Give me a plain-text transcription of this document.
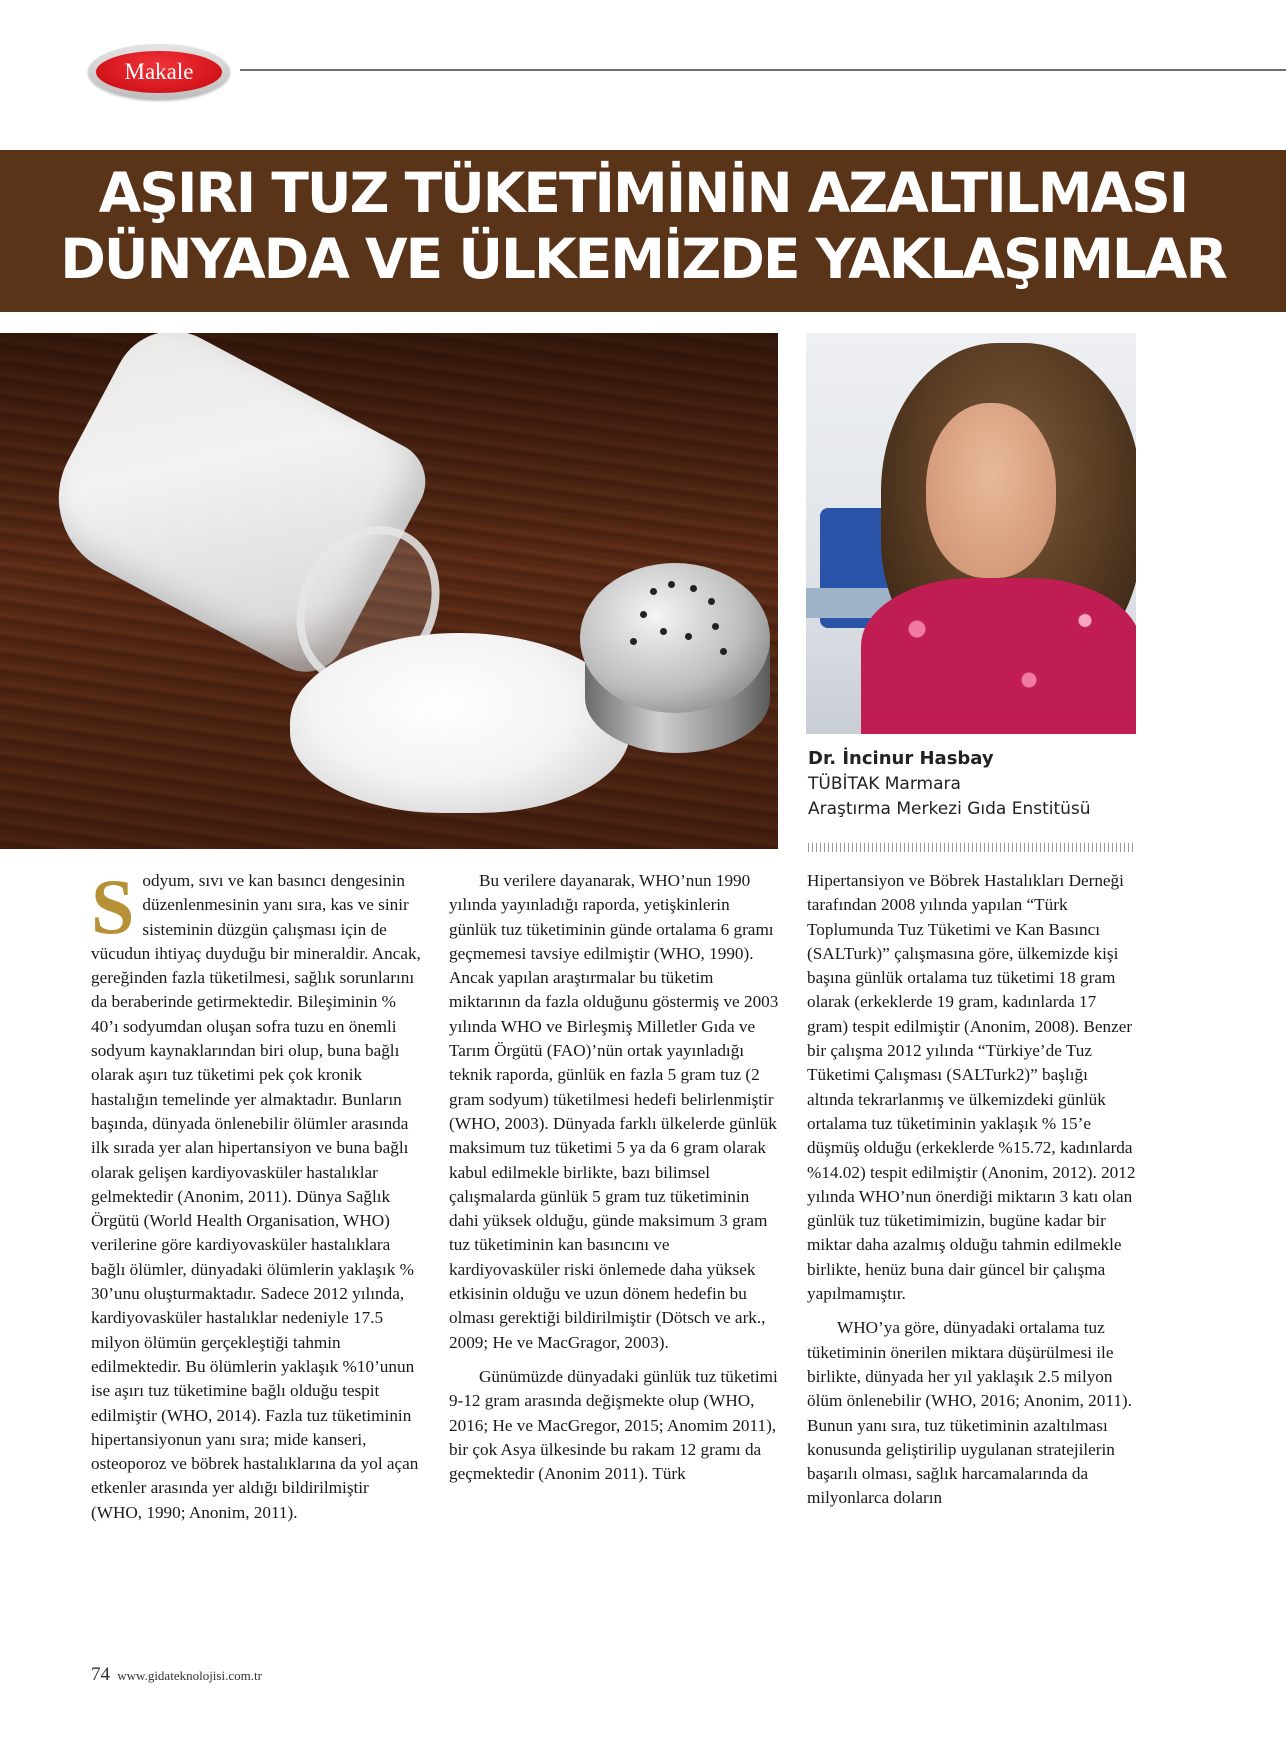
Makale
AŞIRI TUZ TÜKETİMİNİN AZALTILMASI
DÜNYADA VE ÜLKEMİZDE YAKLAŞIMLAR
Dr. İncinur Hasbay
TÜBİTAK Marmara
Araştırma Merkezi Gıda Enstitüsü

Sodyum, sıvı ve kan basıncı dengesinin düzenlenmesinin yanı sıra, kas ve sinir sisteminin düzgün çalışması için de vücudun ihtiyaç duyduğu bir mineraldir. Ancak, gereğinden fazla tüketilmesi, sağlık sorunlarını da beraberinde getirmektedir. Bileşiminin % 40’ı sodyumdan oluşan sofra tuzu en önemli sodyum kaynaklarından biri olup, buna bağlı olarak aşırı tuz tüketimi pek çok kronik hastalığın temelinde yer almaktadır. Bunların başında, dünyada önlenebilir ölümler arasında ilk sırada yer alan hipertansiyon ve buna bağlı olarak gelişen kardiyovasküler hastalıklar gelmektedir (Anonim, 2011). Dünya Sağlık Örgütü (World Health Organisation, WHO) verilerine göre kardiyovasküler hastalıklara bağlı ölümler, dünyadaki ölümlerin yaklaşık % 30’unu oluşturmaktadır. Sadece 2012 yılında, kardiyovasküler hastalıklar nedeniyle 17.5 milyon ölümün gerçekleştiği tahmin edilmektedir. Bu ölümlerin yaklaşık %10’unun ise aşırı tuz tüketimine bağlı olduğu tespit edilmiştir (WHO, 2014). Fazla tuz tüketiminin hipertansiyonun yanı sıra; mide kanseri, osteoporoz ve böbrek hastalıklarına da yol açan etkenler arasında yer aldığı bildirilmiştir (WHO, 1990; Anonim, 2011).

Bu verilere dayanarak, WHO’nun 1990 yılında yayınladığı raporda, yetişkinlerin günlük tuz tüketiminin günde ortalama 6 gramı geçmemesi tavsiye edilmiştir (WHO, 1990). Ancak yapılan araştırmalar bu tüketim miktarının da fazla olduğunu göstermiş ve 2003 yılında WHO ve Birleşmiş Milletler Gıda ve Tarım Örgütü (FAO)’nün ortak yayınladığı teknik raporda, günlük en fazla 5 gram tuz (2 gram sodyum) tüketilmesi hedefi belirlenmiştir (WHO, 2003). Dünyada farklı ülkelerde günlük maksimum tuz tüketimi 5 ya da 6 gram olarak kabul edilmekle birlikte, bazı bilimsel çalışmalarda günlük 5 gram tuz tüketiminin dahi yüksek olduğu, günde maksimum 3 gram tuz tüketiminin kan basıncını ve kardiyovasküler riski önlemede daha yüksek etkisinin olduğu ve uzun dönem hedefin bu olması gerektiği bildirilmiştir (Dötsch ve ark., 2009; He ve MacGragor, 2003).

Günümüzde dünyadaki günlük tuz tüketimi 9-12 gram arasında değişmekte olup (WHO, 2016; He ve MacGregor, 2015; Anomim 2011), bir çok Asya ülkesinde bu rakam 12 gramı da geçmektedir (Anonim 2011). Türk

Hipertansiyon ve Böbrek Hastalıkları Derneği tarafından 2008 yılında yapılan “Türk Toplumunda Tuz Tüketimi ve Kan Basıncı (SALTurk)” çalışmasına göre, ülkemizde kişi başına günlük ortalama tuz tüketimi 18 gram olarak (erkeklerde 19 gram, kadınlarda 17 gram) tespit edilmiştir (Anonim, 2008). Benzer bir çalışma 2012 yılında “Türkiye’de Tuz Tüketimi Çalışması (SALTurk2)” başlığı altında tekrarlanmış ve ülkemizdeki günlük ortalama tuz tüketiminin yaklaşık % 15’e düşmüş olduğu (erkeklerde %15.72, kadınlarda %14.02) tespit edilmiştir (Anonim, 2012). 2012 yılında WHO’nun önerdiği miktarın 3 katı olan günlük tuz tüketimimizin, bugüne kadar bir miktar daha azalmış olduğu tahmin edilmekle birlikte, henüz buna dair güncel bir çalışma yapılmamıştır.

WHO’ya göre, dünyadaki ortalama tuz tüketiminin önerilen miktara düşürülmesi ile birlikte, dünyada her yıl yaklaşık 2.5 milyon ölüm önlenebilir (WHO, 2016; Anonim, 2011). Bunun yanı sıra, tuz tüketiminin azaltılması konusunda geliştirilip uygulanan stratejilerin başarılı olması, sağlık harcamalarında da milyonlarca doların

74 www.gidateknolojisi.com.tr
